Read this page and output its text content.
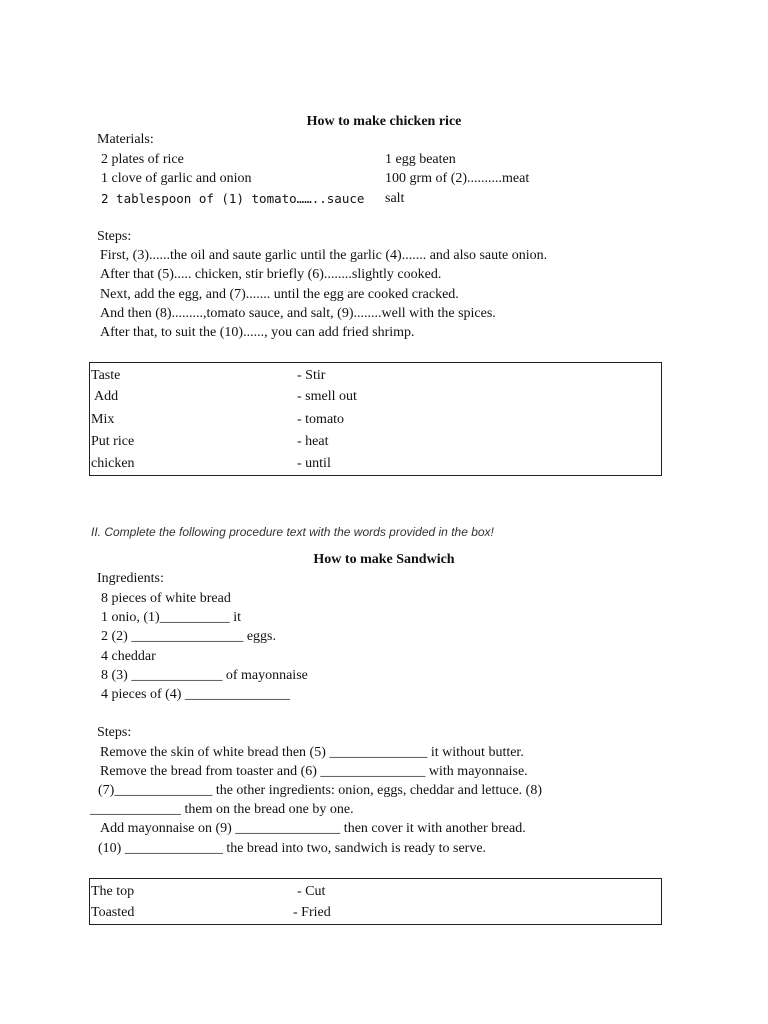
How to make chicken rice
Materials:
2 plates of rice
1 clove of garlic and onion
2 tablespoon of (1) tomato……..sauce
1 egg beaten
100 grm of (2)..........meat
salt
Steps:
First, (3)......the oil and saute garlic until the garlic (4)....... and also saute onion.
After that (5)..... chicken, stir briefly (6)........slightly cooked.
Next, add the egg, and (7)....... until the egg are cooked cracked.
And then (8).........,tomato sauce, and salt, (9)........well with the spices.
After that, to suit the (10)......, you can add fried shrimp.
Taste
Add
Mix
Put rice
chicken
- Stir
- smell out
- tomato
- heat
- until
II. Complete the following procedure text with the words provided in the box!
How to make Sandwich
Ingredients:
8 pieces of white bread
1 onio, (1)__________ it
2 (2) ________________ eggs.
4 cheddar
8 (3) _____________ of mayonnaise
4 pieces of (4) _______________
Steps:
Remove the skin of white bread then (5) ______________ it without butter.
Remove the bread from toaster and (6) _______________ with mayonnaise.
(7)______________ the other ingredients: onion, eggs, cheddar and lettuce. (8)
_____________ them on the bread one by one.
Add mayonnaise on (9) _______________ then cover it with another bread.
(10) ______________ the bread into two, sandwich is ready to serve.
The top
Toasted
- Cut
- Fried
